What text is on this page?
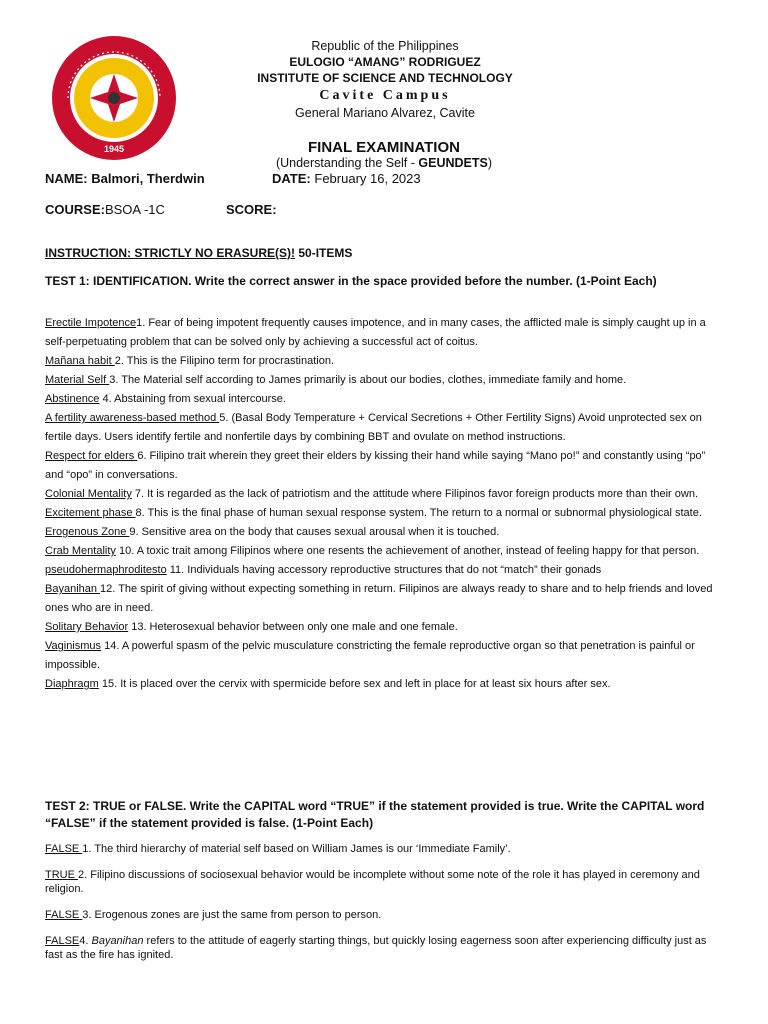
1945
Republic of the Philippines
EULOGIO “AMANG” RODRIGUEZ
INSTITUTE OF SCIENCE AND TECHNOLOGY
Cavite Campus
General Mariano Alvarez, Cavite
FINAL EXAMINATION
(Understanding the Self - GEUNDETS)
NAME: Balmori, Therdwin	DATE: February 16, 2023
COURSE:BSOA -1C	SCORE:
INSTRUCTION: STRICTLY NO ERASURE(S)! 50-ITEMS
TEST 1: IDENTIFICATION. Write the correct answer in the space provided before the number. (1-Point Each)

Erectile Impotence1. Fear of being impotent frequently causes impotence, and in many cases, the afflicted male is simply caught up in a self-perpetuating problem that can be solved only by achieving a successful act of coitus.

Mañana habit 2. This is the Filipino term for procrastination.

Material Self 3. The Material self according to James primarily is about our bodies, clothes, immediate family and home.

Abstinence 4. Abstaining from sexual intercourse.

A fertility awareness-based method 5. (Basal Body Temperature + Cervical Secretions + Other Fertility Signs) Avoid unprotected sex on fertile days. Users identify fertile and nonfertile days by combining BBT and ovulate on method instructions.

Respect for elders 6. Filipino trait wherein they greet their elders by kissing their hand while saying “Mano po!” and constantly using “po” and “opo” in conversations.

Colonial Mentality 7. It is regarded as the lack of patriotism and the attitude where Filipinos favor foreign products more than their own.

Excitement phase 8. This is the final phase of human sexual response system. The return to a normal or subnormal physiological state.

Erogenous Zone 9. Sensitive area on the body that causes sexual arousal when it is touched.

Crab Mentality 10. A toxic trait among Filipinos where one resents the achievement of another, instead of feeling happy for that person.

pseudohermaphroditesto 11. Individuals having accessory reproductive structures that do not “match” their gonads

Bayanihan 12. The spirit of giving without expecting something in return. Filipinos are always ready to share and to help friends and loved ones who are in need.

Solitary Behavior 13. Heterosexual behavior between only one male and one female.

Vaginismus 14. A powerful spasm of the pelvic musculature constricting the female reproductive organ so that penetration is painful or impossible.

Diaphragm 15. It is placed over the cervix with spermicide before sex and left in place for at least six hours after sex.

TEST 2: TRUE or FALSE. Write the CAPITAL word “TRUE” if the statement provided is true. Write the CAPITAL word “FALSE” if the statement provided is false. (1-Point Each)

FALSE 1. The third hierarchy of material self based on William James is our ‘Immediate Family’.

TRUE 2. Filipino discussions of sociosexual behavior would be incomplete without some note of the role it has played in ceremony and religion.

FALSE 3. Erogenous zones are just the same from person to person.

FALSE4. Bayanihan refers to the attitude of eagerly starting things, but quickly losing eagerness soon after experiencing difficulty just as fast as the fire has ignited.
